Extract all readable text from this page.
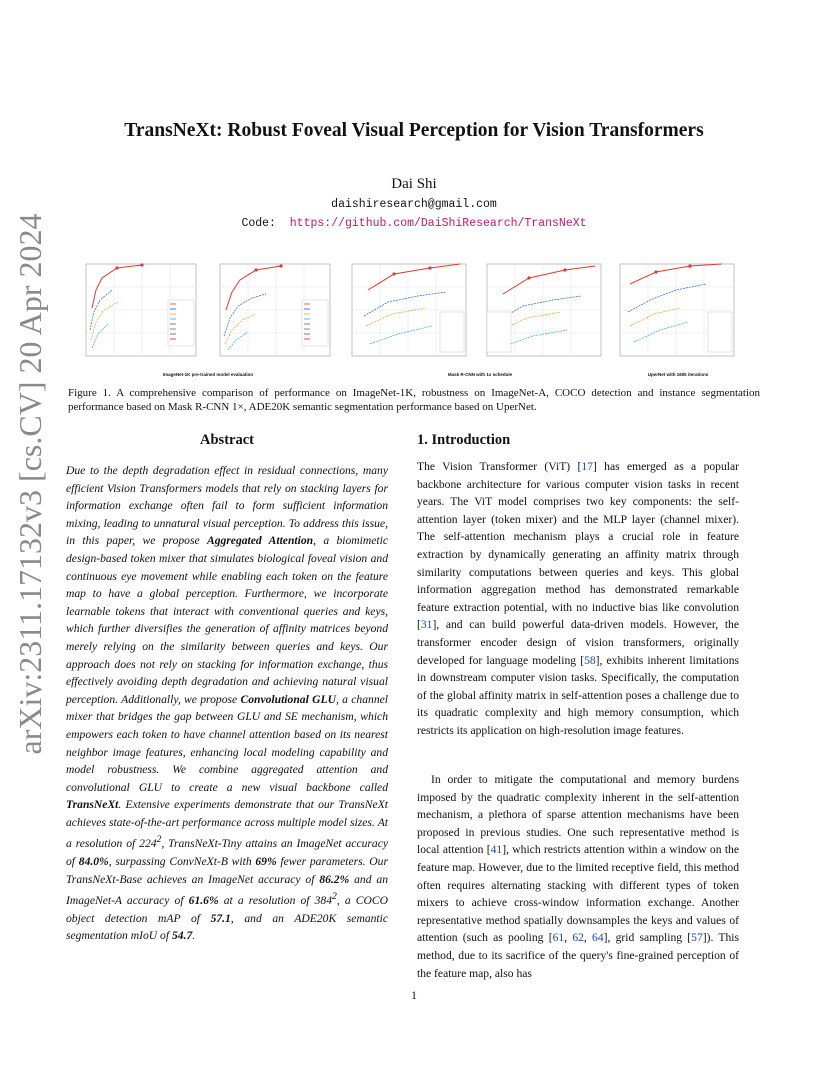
arXiv:2311.17132v3 [cs.CV] 20 Apr 2024
TransNeXt: Robust Foveal Visual Perception for Vision Transformers
Dai Shi
daishiresearch@gmail.com
Code: https://github.com/DaiShiResearch/TransNeXt
ImageNet-1K pre-trained model evaluation	Mask R-CNN with 1x schedule	UperNet with 160k iterations
Figure 1. A comprehensive comparison of performance on ImageNet-1K, robustness on ImageNet-A, COCO detection and instance segmentation performance based on Mask R-CNN 1×, ADE20K semantic segmentation performance based on UperNet.
Abstract
Due to the depth degradation effect in residual connections, many efficient Vision Transformers models that rely on stacking layers for information exchange often fail to form sufficient information mixing, leading to unnatural visual perception. To address this issue, in this paper, we propose Aggregated Attention, a biomimetic design-based token mixer that simulates biological foveal vision and continuous eye movement while enabling each token on the feature map to have a global perception. Furthermore, we incorporate learnable tokens that interact with conventional queries and keys, which further diversifies the generation of affinity matrices beyond merely relying on the similarity between queries and keys. Our approach does not rely on stacking for information exchange, thus effectively avoiding depth degradation and achieving natural visual perception. Additionally, we propose Convolutional GLU, a channel mixer that bridges the gap between GLU and SE mechanism, which empowers each token to have channel attention based on its nearest neighbor image features, enhancing local modeling capability and model robustness. We combine aggregated attention and convolutional GLU to create a new visual backbone called TransNeXt. Extensive experiments demonstrate that our TransNeXt achieves state-of-the-art performance across multiple model sizes. At a resolution of $224^2$, TransNeXt-Tiny attains an ImageNet accuracy of 84.0%, surpassing ConvNeXt-B with 69% fewer parameters. Our TransNeXt-Base achieves an ImageNet accuracy of 86.2% and an ImageNet-A accuracy of 61.6% at a resolution of $384^2$, a COCO object detection mAP of 57.1, and an ADE20K semantic segmentation mIoU of 54.7.
1. Introduction
The Vision Transformer (ViT) [17] has emerged as a popular backbone architecture for various computer vision tasks in recent years. The ViT model comprises two key components: the self-attention layer (token mixer) and the MLP layer (channel mixer). The self-attention mechanism plays a crucial role in feature extraction by dynamically generating an affinity matrix through similarity computations between queries and keys. This global information aggregation method has demonstrated remarkable feature extraction potential, with no inductive bias like convolution [31], and can build powerful data-driven models. However, the transformer encoder design of vision transformers, originally developed for language modeling [58], exhibits inherent limitations in downstream computer vision tasks. Specifically, the computation of the global affinity matrix in self-attention poses a challenge due to its quadratic complexity and high memory consumption, which restricts its application on high-resolution image features.
In order to mitigate the computational and memory burdens imposed by the quadratic complexity inherent in the self-attention mechanism, a plethora of sparse attention mechanisms have been proposed in previous studies. One such representative method is local attention [41], which restricts attention within a window on the feature map. However, due to the limited receptive field, this method often requires alternating stacking with different types of token mixers to achieve cross-window information exchange. Another representative method spatially downsamples the keys and values of attention (such as pooling [61, 62, 64], grid sampling [57]). This method, due to its sacrifice of the query's fine-grained perception of the feature map, also has
1
